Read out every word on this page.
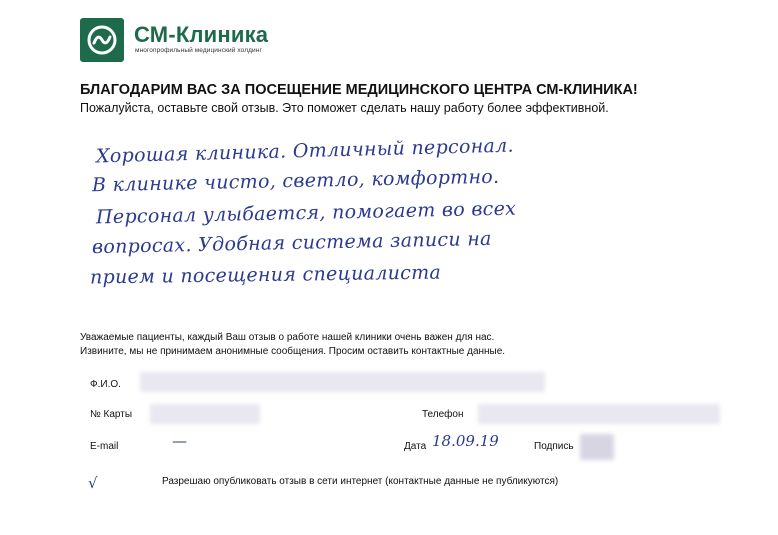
СМ-Клиника
многопрофильный медицинский холдинг
БЛАГОДАРИМ ВАС ЗА ПОСЕЩЕНИЕ МЕДИЦИНСКОГО ЦЕНТРА СМ-КЛИНИКА!
Пожалуйста, оставьте свой отзыв. Это поможет сделать нашу работу более эффективной.
Хорошая клиника. Отличный персонал.
В клинике чисто, светло, комфортно.
Персонал улыбается, помогает во всех
вопросах. Удобная система записи на
прием и посещения специалиста
Уважаемые пациенты, каждый Ваш отзыв о работе нашей клиники очень важен для нас.
Извините, мы не принимаем анонимные сообщения. Просим оставить контактные данные.
Ф.И.О.
№ Карты	Телефон
E-mail	—	Дата 18.09.19	Подпись
√	Разрешаю опубликовать отзыв в сети интернет (контактные данные не публикуются)
